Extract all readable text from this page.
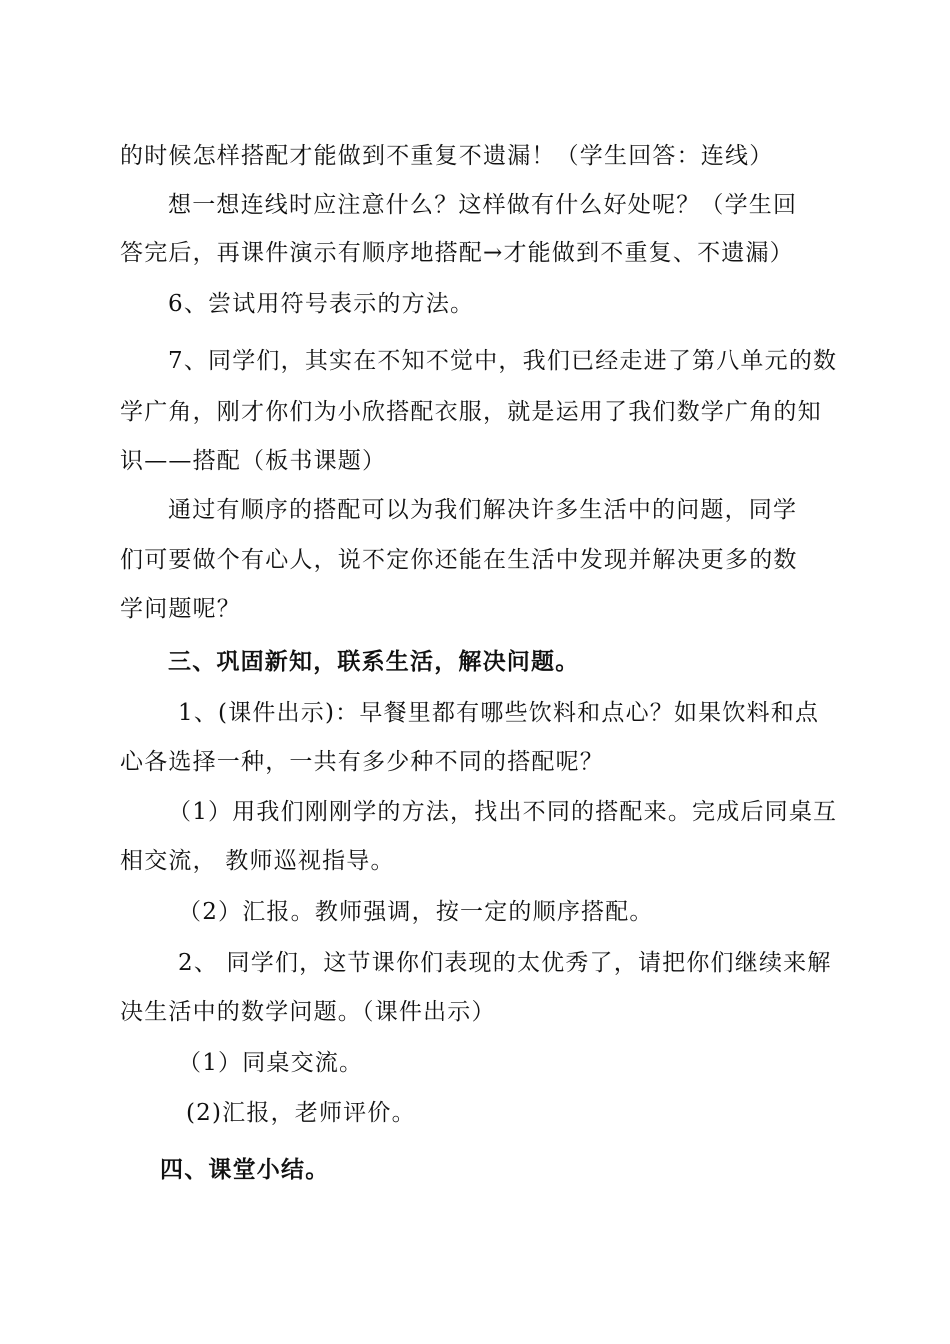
的时候怎样搭配才能做到不重复不遗漏！（学生回答：连线）
想一想连线时应注意什么？这样做有什么好处呢？（学生回
答完后，再课件演示有顺序地搭配→才能做到不重复、不遗漏）
6、尝试用符号表示的方法。
7、同学们，其实在不知不觉中，我们已经走进了第八单元的数
学广角，刚才你们为小欣搭配衣服，就是运用了我们数学广角的知
识——搭配（板书课题）
通过有顺序的搭配可以为我们解决许多生活中的问题，同学
们可要做个有心人，说不定你还能在生活中发现并解决更多的数
学问题呢？
三、巩固新知，联系生活，解决问题。
1、(课件出示)：早餐里都有哪些饮料和点心？如果饮料和点
心各选择一种，一共有多少种不同的搭配呢？
（1）用我们刚刚学的方法，找出不同的搭配来。完成后同桌互
相交流， 教师巡视指导。
（2）汇报。教师强调，按一定的顺序搭配。
2、 同学们，这节课你们表现的太优秀了，请把你们继续来解
决生活中的数学问题。（课件出示）
（1）同桌交流。
(2)汇报，老师评价。
四、课堂小结。
